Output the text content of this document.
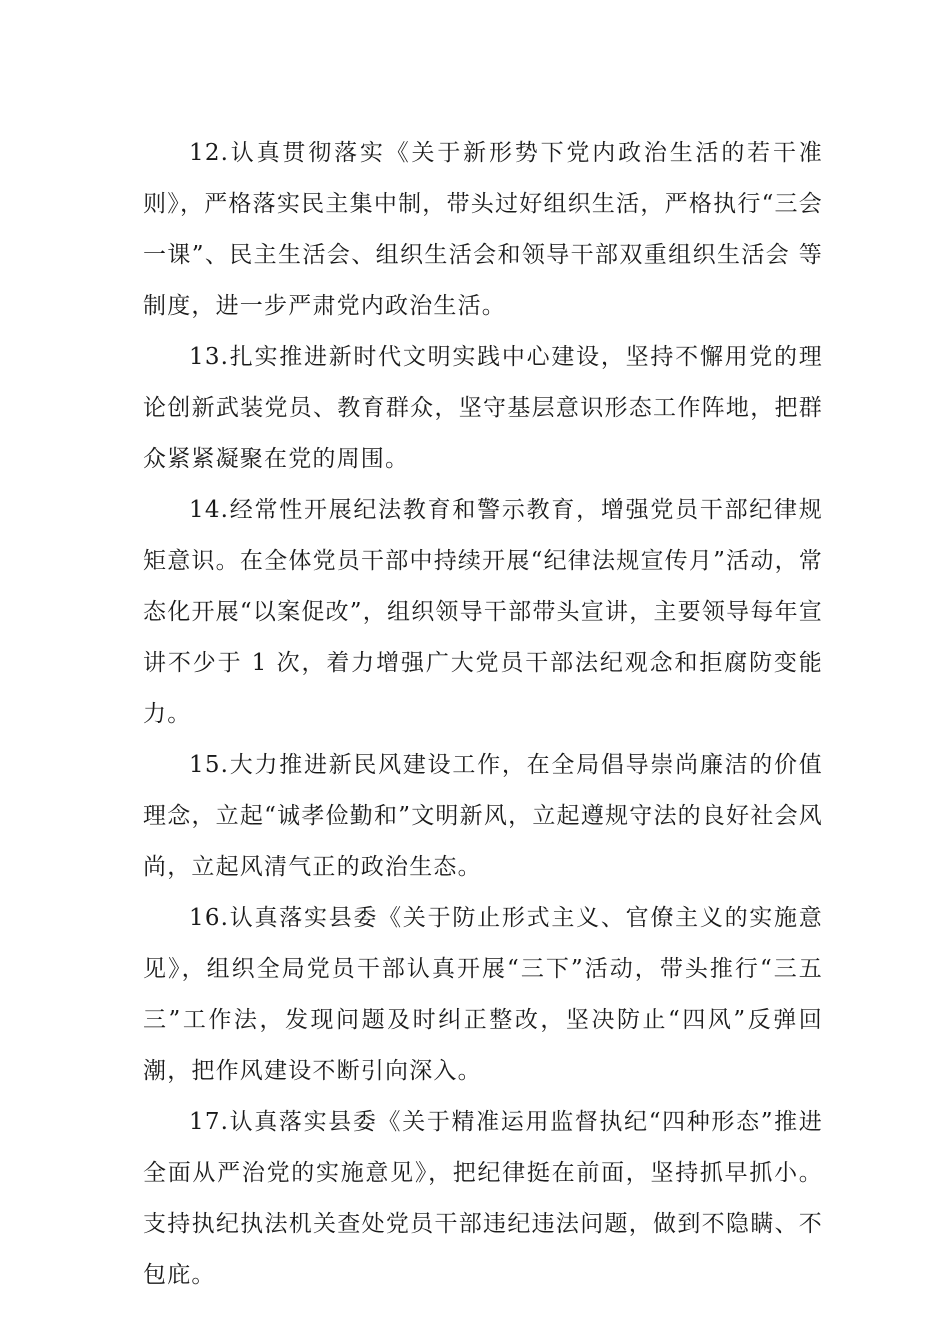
12.认真贯彻落实《关于新形势下党内政治生活的若干准则》，严格落实民主集中制，带头过好组织生活，严格执行“三会一课”、民主生活会、组织生活会和领导干部双重组织生活会 等制度，进一步严肃党内政治生活。

13.扎实推进新时代文明实践中心建设，坚持不懈用党的理论创新武装党员、教育群众，坚守基层意识形态工作阵地，把群众紧紧凝聚在党的周围。

14.经常性开展纪法教育和警示教育，增强党员干部纪律规矩意识。在全体党员干部中持续开展“纪律法规宣传月”活动，常态化开展“以案促改”，组织领导干部带头宣讲，主要领导每年宣讲不少于 1 次，着力增强广大党员干部法纪观念和拒腐防变能力。

15.大力推进新民风建设工作，在全局倡导崇尚廉洁的价值理念，立起“诚孝俭勤和”文明新风，立起遵规守法的良好社会风尚，立起风清气正的政治生态。

16.认真落实县委《关于防止形式主义、官僚主义的实施意见》，组织全局党员干部认真开展“三下”活动，带头推行“三五三”工作法，发现问题及时纠正整改，坚决防止“四风”反弹回潮，把作风建设不断引向深入。

17.认真落实县委《关于精准运用监督执纪“四种形态”推进全面从严治党的实施意见》，把纪律挺在前面，坚持抓早抓小。支持执纪执法机关查处党员干部违纪违法问题，做到不隐瞒、不包庇。
